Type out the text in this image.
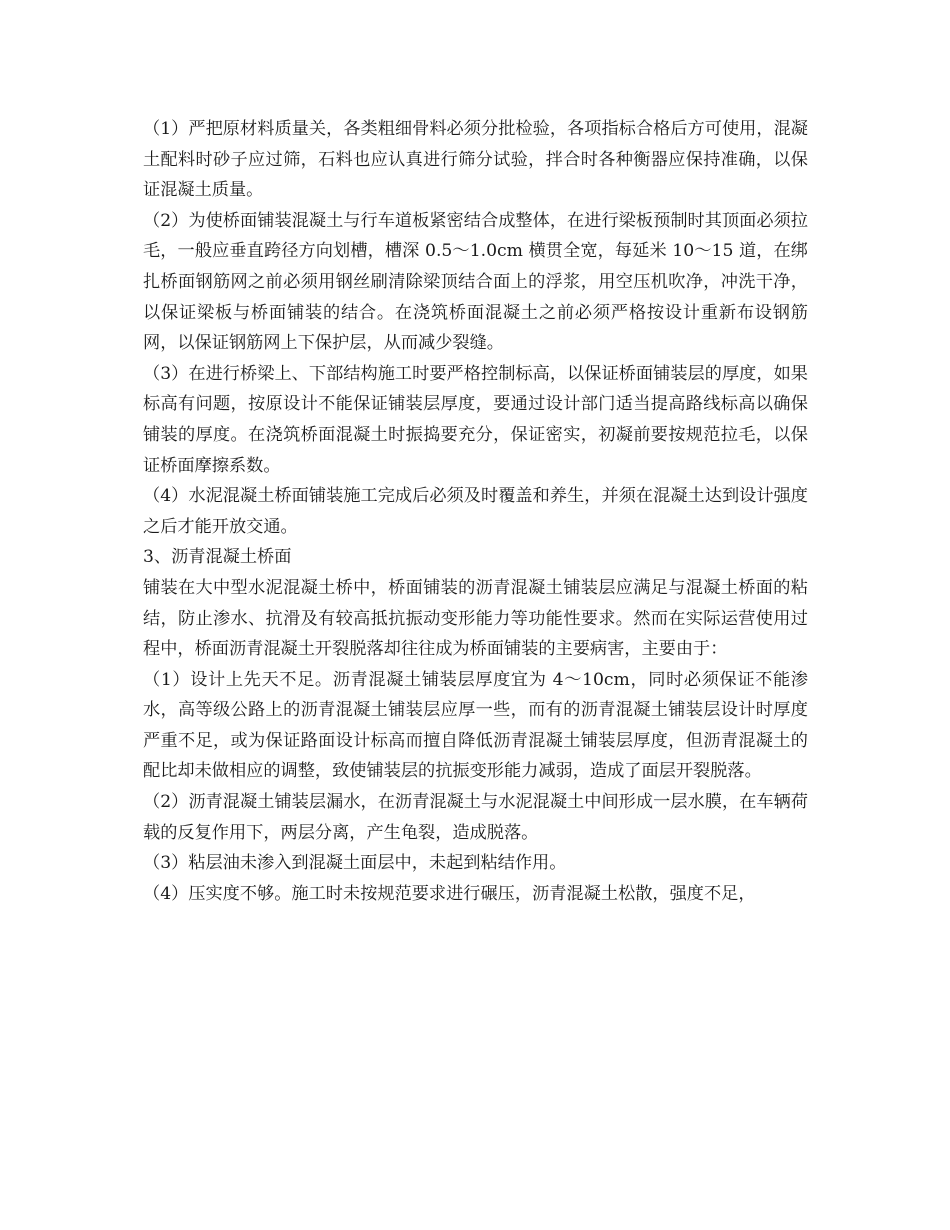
（1）严把原材料质量关，各类粗细骨料必须分批检验，各项指标合格后方可使用，混凝土配料时砂子应过筛，石料也应认真进行筛分试验，拌合时各种衡器应保持准确，以保证混凝土质量。

（2）为使桥面铺装混凝土与行车道板紧密结合成整体，在进行梁板预制时其顶面必须拉毛，一般应垂直跨径方向划槽，槽深 0.5～1.0cm 横贯全宽，每延米 10～15 道，在绑扎桥面钢筋网之前必须用钢丝刷清除梁顶结合面上的浮浆，用空压机吹净，冲洗干净，以保证梁板与桥面铺装的结合。在浇筑桥面混凝土之前必须严格按设计重新布设钢筋网，以保证钢筋网上下保护层，从而减少裂缝。

（3）在进行桥梁上、下部结构施工时要严格控制标高，以保证桥面铺装层的厚度，如果标高有问题，按原设计不能保证铺装层厚度，要通过设计部门适当提高路线标高以确保铺装的厚度。在浇筑桥面混凝土时振捣要充分，保证密实，初凝前要按规范拉毛，以保证桥面摩擦系数。

（4）水泥混凝土桥面铺装施工完成后必须及时覆盖和养生，并须在混凝土达到设计强度之后才能开放交通。

3、沥青混凝土桥面

铺装在大中型水泥混凝土桥中，桥面铺装的沥青混凝土铺装层应满足与混凝土桥面的粘结，防止渗水、抗滑及有较高抵抗振动变形能力等功能性要求。然而在实际运营使用过程中，桥面沥青混凝土开裂脱落却往往成为桥面铺装的主要病害，主要由于：

（1）设计上先天不足。沥青混凝土铺装层厚度宜为 4～10cm，同时必须保证不能渗水，高等级公路上的沥青混凝土铺装层应厚一些，而有的沥青混凝土铺装层设计时厚度严重不足，或为保证路面设计标高而擅自降低沥青混凝土铺装层厚度，但沥青混凝土的配比却未做相应的调整，致使铺装层的抗振变形能力减弱，造成了面层开裂脱落。

（2）沥青混凝土铺装层漏水，在沥青混凝土与水泥混凝土中间形成一层水膜，在车辆荷载的反复作用下，两层分离，产生龟裂，造成脱落。

（3）粘层油未渗入到混凝土面层中，未起到粘结作用。

（4）压实度不够。施工时未按规范要求进行碾压，沥青混凝土松散，强度不足，
